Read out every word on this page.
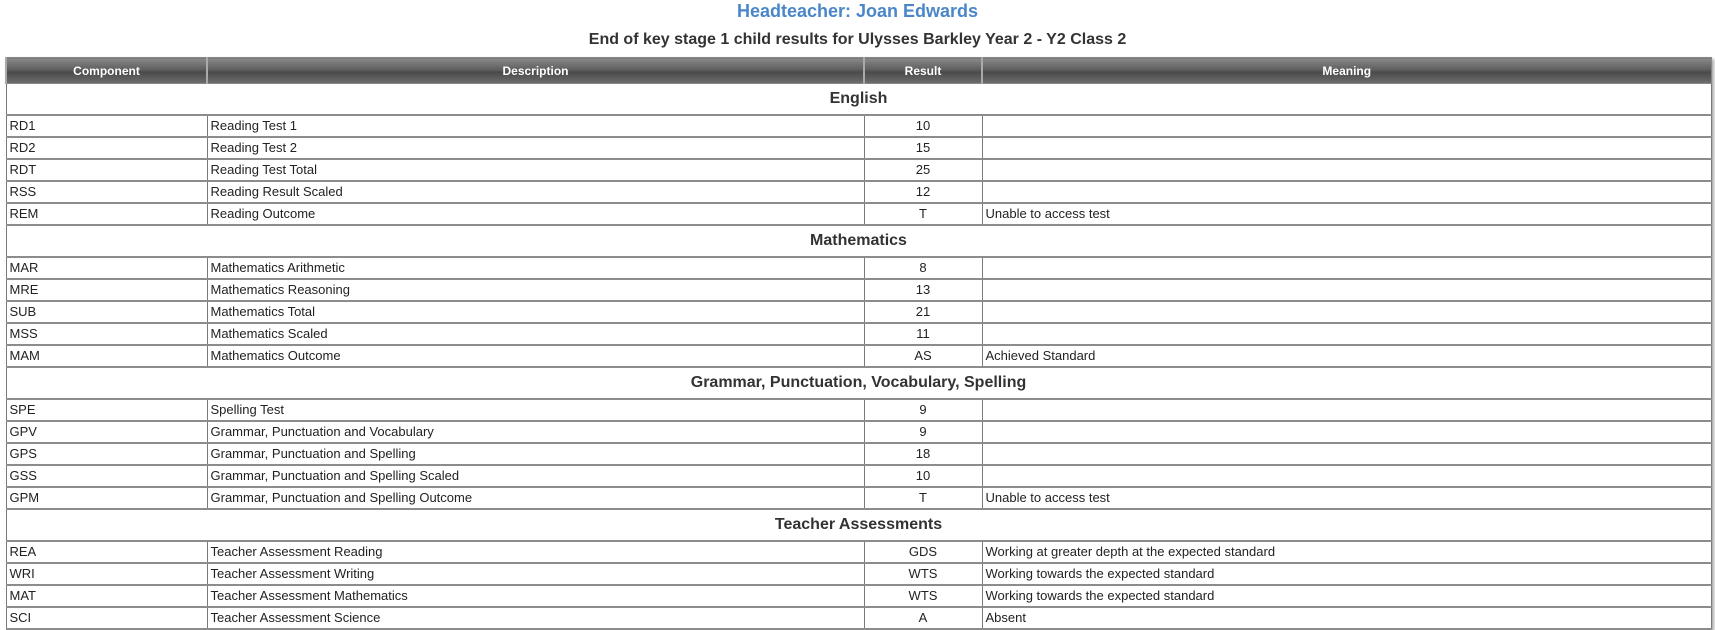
Headteacher: Joan Edwards
End of key stage 1 child results for Ulysses Barkley Year 2 - Y2 Class 2
Component	Description	Result	Meaning
English			
RD1	Reading Test 1	10	
RD2	Reading Test 2	15	
RDT	Reading Test Total	25	
RSS	Reading Result Scaled	12	
REM	Reading Outcome	T	Unable to access test
Mathematics			
MAR	Mathematics Arithmetic	8	
MRE	Mathematics Reasoning	13	
SUB	Mathematics Total	21	
MSS	Mathematics Scaled	11	
MAM	Mathematics Outcome	AS	Achieved Standard
Grammar, Punctuation, Vocabulary, Spelling			
SPE	Spelling Test	9	
GPV	Grammar, Punctuation and Vocabulary	9	
GPS	Grammar, Punctuation and Spelling	18	
GSS	Grammar, Punctuation and Spelling Scaled	10	
GPM	Grammar, Punctuation and Spelling Outcome	T	Unable to access test
Teacher Assessments			
REA	Teacher Assessment Reading	GDS	Working at greater depth at the expected standard
WRI	Teacher Assessment Writing	WTS	Working towards the expected standard
MAT	Teacher Assessment Mathematics	WTS	Working towards the expected standard
SCI	Teacher Assessment Science	A	Absent
